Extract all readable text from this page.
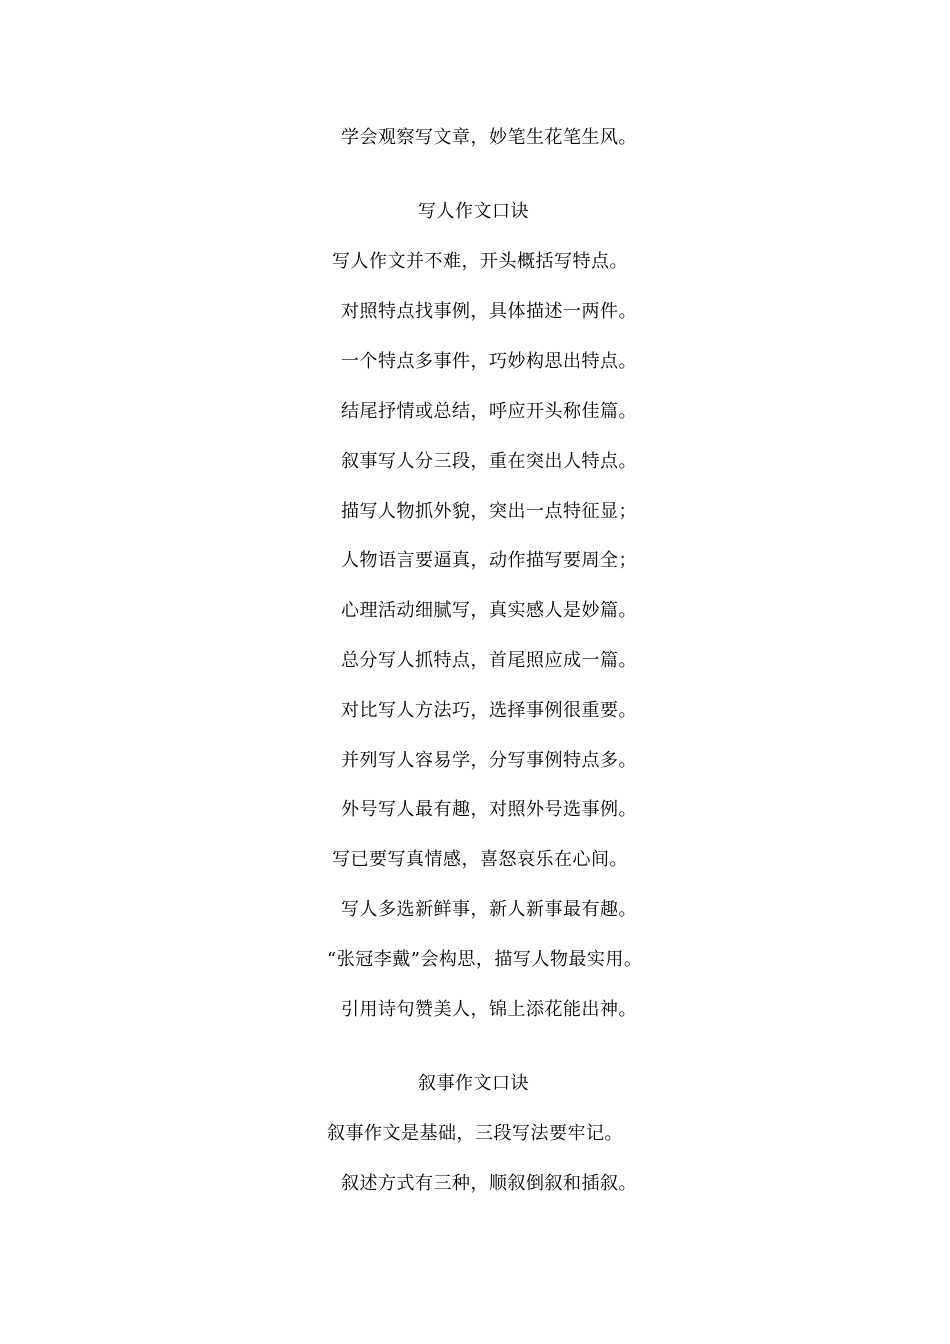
学会观察写文章，妙笔生花笔生风。
写人作文口诀
写人作文并不难，开头概括写特点。
对照特点找事例，具体描述一两件。
一个特点多事件，巧妙构思出特点。
结尾抒情或总结，呼应开头称佳篇。
叙事写人分三段，重在突出人特点。
描写人物抓外貌，突出一点特征显；
人物语言要逼真，动作描写要周全；
心理活动细腻写，真实感人是妙篇。
总分写人抓特点，首尾照应成一篇。
对比写人方法巧，选择事例很重要。
并列写人容易学，分写事例特点多。
外号写人最有趣，对照外号选事例。
写已要写真情感，喜怒哀乐在心间。
写人多选新鲜事，新人新事最有趣。
“张冠李戴”会构思，描写人物最实用。
引用诗句赞美人，锦上添花能出神。
叙事作文口诀
叙事作文是基础，三段写法要牢记。
叙述方式有三种，顺叙倒叙和插叙。
